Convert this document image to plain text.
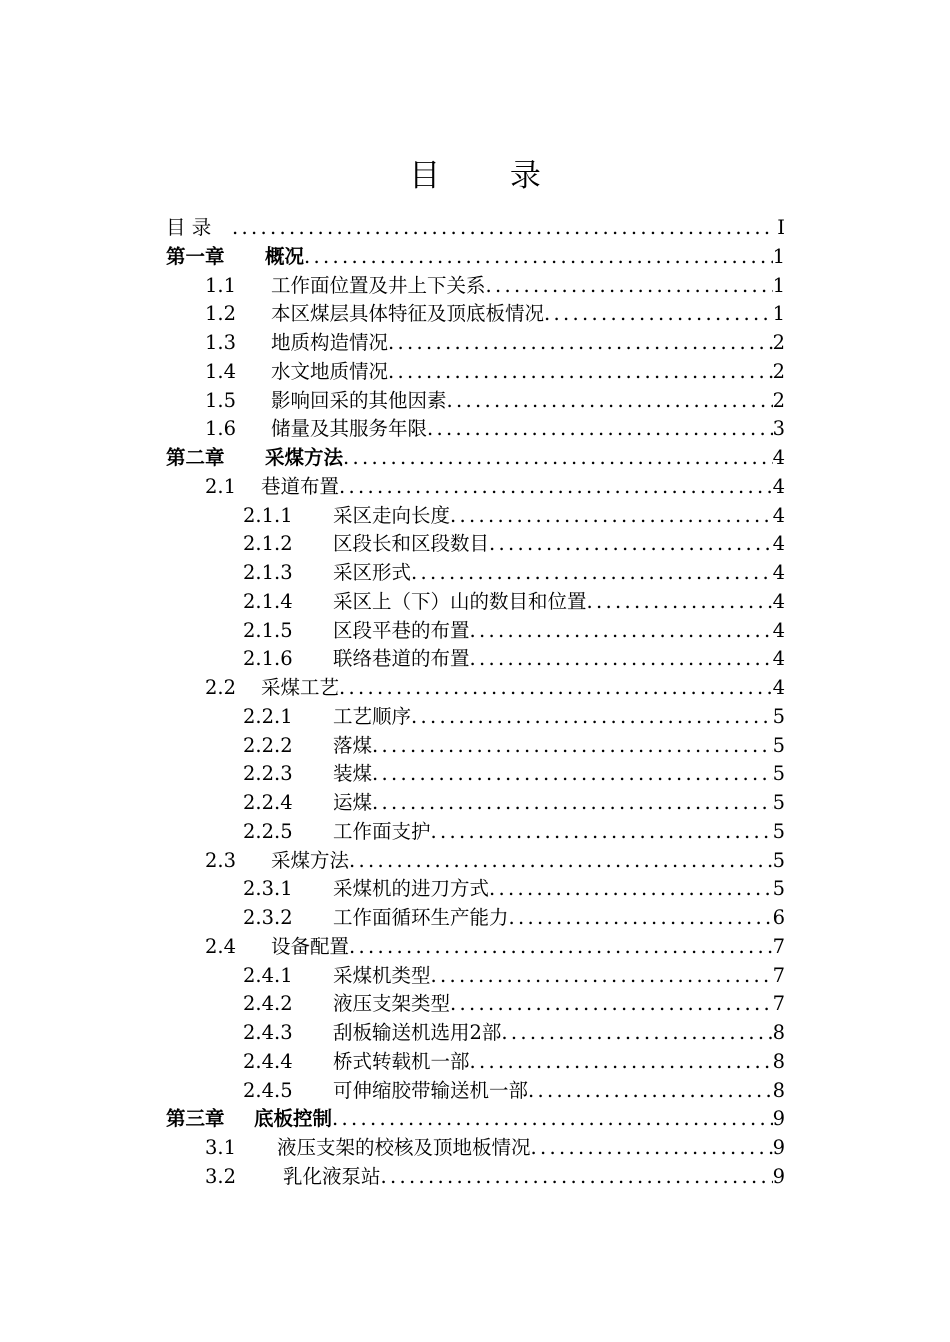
目 录
目 录 .....	I
第一章	概况 .....	1
1.1	工作面位置及井上下关系 .....	1
1.2	本区煤层具体特征及顶底板情况 .....	1
1.3	地质构造情况 .....	2
1.4	水文地质情况 .....	2
1.5	影响回采的其他因素 .....	2
1.6	储量及其服务年限 .....	3
第二章	采煤方法 .....	4
2.1	巷道布置 .....	4
2.1.1	采区走向长度 .....	4
2.1.2	区段长和区段数目 .....	4
2.1.3	采区形式 .....	4
2.1.4	采区上（下）山的数目和位置 .....	4
2.1.5	区段平巷的布置 .....	4
2.1.6	联络巷道的布置 .....	4
2.2	采煤工艺 .....	4
2.2.1	工艺顺序 .....	5
2.2.2	落煤 .....	5
2.2.3	装煤 .....	5
2.2.4	运煤 .....	5
2.2.5	工作面支护 .....	5
2.3	采煤方法 .....	5
2.3.1	采煤机的进刀方式 .....	5
2.3.2	工作面循环生产能力 .....	6
2.4	设备配置 .....	7
2.4.1	采煤机类型 .....	7
2.4.2	液压支架类型 .....	7
2.4.3	刮板输送机选用2部 .....	8
2.4.4	桥式转载机一部 .....	8
2.4.5	可伸缩胶带输送机一部 .....	8
第三章	底板控制 .....	9
3.1	液压支架的校核及顶地板情况 .....	9
3.2	乳化液泵站 .....	9
